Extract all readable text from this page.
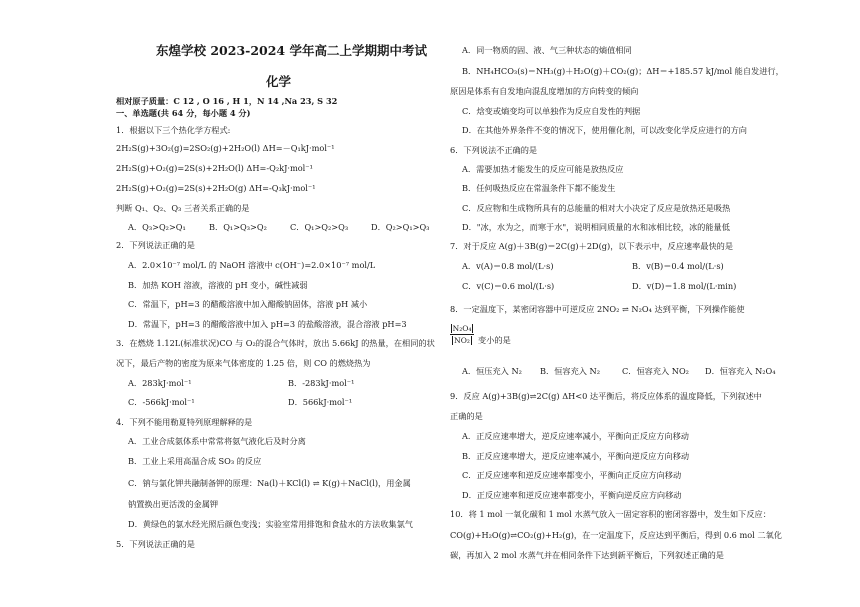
东煌学校 2023-2024 学年高二上学期期中考试
化学
相对原子质量：C 12 , O 16 , H 1，N 14 ,Na 23, S 32
一、单选题(共 64 分，每小题 4 分)
1．根据以下三个热化学方程式:
2H₂S(g)+3O₂(g)=2SO₂(g)+2H₂O(l) ΔH=－Q₁kJ·mol⁻¹
2H₂S(g)+O₂(g)=2S(s)+2H₂O(l) ΔH=-Q₂kJ·mol⁻¹
2H₂S(g)+O₂(g)=2S(s)+2H₂O(g) ΔH=-Q₃kJ·mol⁻¹
判断 Q₁、Q₂、Q₃ 三者关系正确的是
A．Q₃>Q₂>Q₁	B．Q₁>Q₃>Q₂	C．Q₁>Q₂>Q₃	D．Q₂>Q₁>Q₃
2．下列说法正确的是
A．2.0×10⁻⁷ mol/L 的 NaOH 溶液中 c(OH⁻)=2.0×10⁻⁷ mol/L
B．加热 KOH 溶液，溶液的 pH 变小，碱性减弱
C．常温下，pH=3 的醋酸溶液中加入醋酸钠固体，溶液 pH 减小
D．常温下，pH=3 的醋酸溶液中加入 pH=3 的盐酸溶液，混合溶液 pH=3
3．在燃烧 1.12L(标准状况)CO 与 O₂的混合气体时，放出 5.66kJ 的热量，在相同的状
况下，最后产物的密度为原来气体密度的 1.25 倍，则 CO 的燃烧热为
A．283kJ·mol⁻¹	B．-283kJ·mol⁻¹
C．-566kJ·mol⁻¹	D．566kJ·mol⁻¹
4．下列不能用勒夏特列原理解释的是
A．工业合成氨体系中常常将氨气液化后及时分离
B．工业上采用高温合成 SO₃ 的反应
C．钠与氯化钾共融制备钾的原理：Na(l)＋KCl(l) ⇌ K(g)＋NaCl(l)，用金属
钠置换出更活泼的金属钾
D．黄绿色的氯水经光照后颜色变浅；实验室常用排饱和食盐水的方法收集氯气
5．下列说法正确的是
A．同一物质的固、液、气三种状态的熵值相同
B．NH₄HCO₃(s)＝NH₃(g)＋H₂O(g)＋CO₂(g)；ΔH＝+185.57 kJ/mol 能自发进行，
原因是体系有自发地向混乱度增加的方向转变的倾向
C．焓变或熵变均可以单独作为反应自发性的判据
D．在其他外界条件不变的情况下，使用催化剂，可以改变化学反应进行的方向
6．下列说法不正确的是
A．需要加热才能发生的反应可能是放热反应
B．任何吸热反应在常温条件下都不能发生
C．反应物和生成物所具有的总能量的相对大小决定了反应是放热还是吸热
D．"冰，水为之，而寒于水"，说明相同质量的水和冰相比较，冰的能量低
7．对于反应 A(g)＋3B(g)＝2C(g)＋2D(g)，以下表示中，反应速率最快的是
A．v(A)＝0.8 mol/(L·s)	B．v(B)＝0.4 mol/(L·s)
C．v(C)＝0.6 mol/(L·s)	D．v(D)＝1.8 mol/(L·min)
8．一定温度下，某密闭容器中可逆反应 2NO₂ ⇌ N₂O₄ 达到平衡，下列操作能使
N₂O₄
NO₂ 变小的是
A．恒压充入 N₂ B．恒容充入 N₂	C．恒容充入 NO₂ D．恒容充入 N₂O₄
9．反应 A(g)+3B(g)⇌2C(g) ΔH<0 达平衡后，将反应体系的温度降低，下列叙述中
正确的是
A．正反应速率增大，逆反应速率减小，平衡向正反应方向移动
B．正反应速率增大，逆反应速率减小，平衡向逆反应方向移动
C．正反应速率和逆反应速率都变小，平衡向正反应方向移动
D．正反应速率和逆反应速率都变小，平衡向逆反应方向移动
10．将 1 mol 一氧化碳和 1 mol 水蒸气放入一固定容积的密闭容器中，发生如下反应：
CO(g)+H₂O(g)⇌CO₂(g)+H₂(g)，在一定温度下，反应达到平衡后，得到 0.6 mol 二氧化
碳，再加入 2 mol 水蒸气并在相同条件下达到新平衡后，下列叙述正确的是
